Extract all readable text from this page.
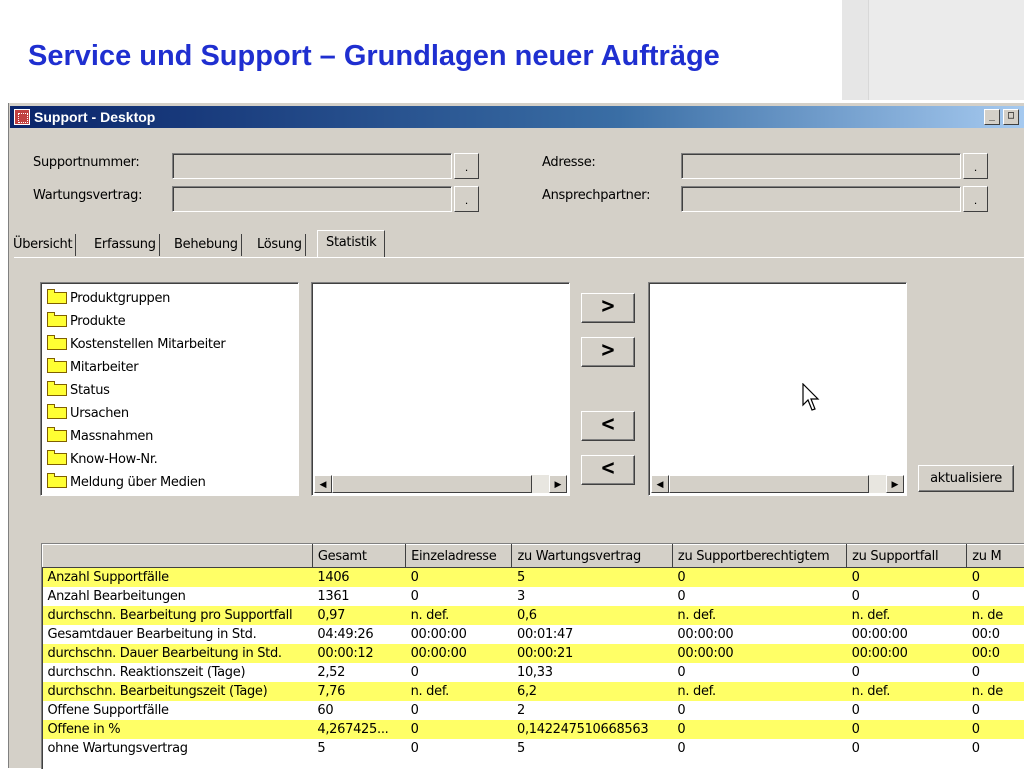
Service und Support – Grundlagen neuer Aufträge
Support - Desktop	_	□
Supportnummer:	.
Wartungsvertrag:	.
Adresse:	.
Ansprechpartner:	.
Übersicht	Erfassung	Behebung	Lösung	Statistik
Produktgruppen
Produkte
Kostenstellen Mitarbeiter
Mitarbeiter
Status
Ursachen
Massnahmen
Know-How-Nr.
Meldung über Medien	◀	▶
>
>
<
<
◀	▶	aktualisiere
	Gesamt	Einzeladresse	zu Wartungsvertrag	zu Supportberechtigtem	zu Supportfall	zu M
Anzahl Supportfälle	1406	0	5	0	0	0
Anzahl Bearbeitungen	1361	0	3	0	0	0
durchschn. Bearbeitung pro Supportfall	0,97	n. def.	0,6	n. def.	n. def.	n. de
Gesamtdauer Bearbeitung in Std.	04:49:26	00:00:00	00:01:47	00:00:00	00:00:00	00:0
durchschn. Dauer Bearbeitung in Std.	00:00:12	00:00:00	00:00:21	00:00:00	00:00:00	00:0
durchschn. Reaktionszeit (Tage)	2,52	0	10,33	0	0	0
durchschn. Bearbeitungszeit (Tage)	7,76	n. def.	6,2	n. def.	n. def.	n. de
Offene Supportfälle	60	0	2	0	0	0
Offene in %	4,267425...	0	0,142247510668563	0	0	0
ohne Wartungsvertrag	5	0	5	0	0	0
